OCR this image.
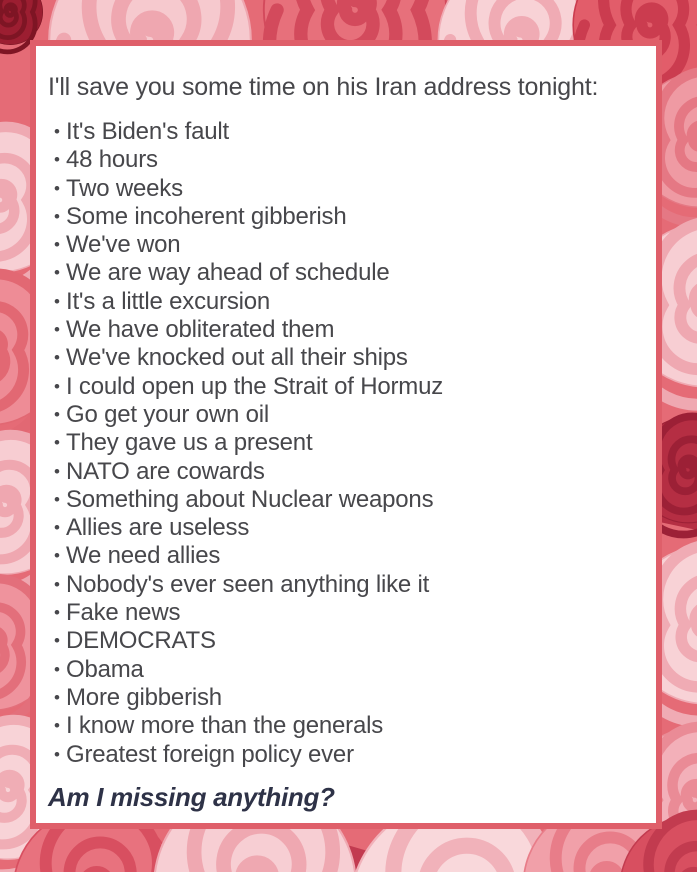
I'll save you some time on his Iran address tonight:
• It's Biden's fault
• 48 hours
• Two weeks
• Some incoherent gibberish
• We've won
• We are way ahead of schedule
• It's a little excursion
• We have obliterated them
• We've knocked out all their ships
• I could open up the Strait of Hormuz
• Go get your own oil
• They gave us a present
• NATO are cowards
• Something about Nuclear weapons
• Allies are useless
• We need allies
• Nobody's ever seen anything like it
• Fake news
• DEMOCRATS
• Obama
• More gibberish
• I know more than the generals
• Greatest foreign policy ever
Am I missing anything?
